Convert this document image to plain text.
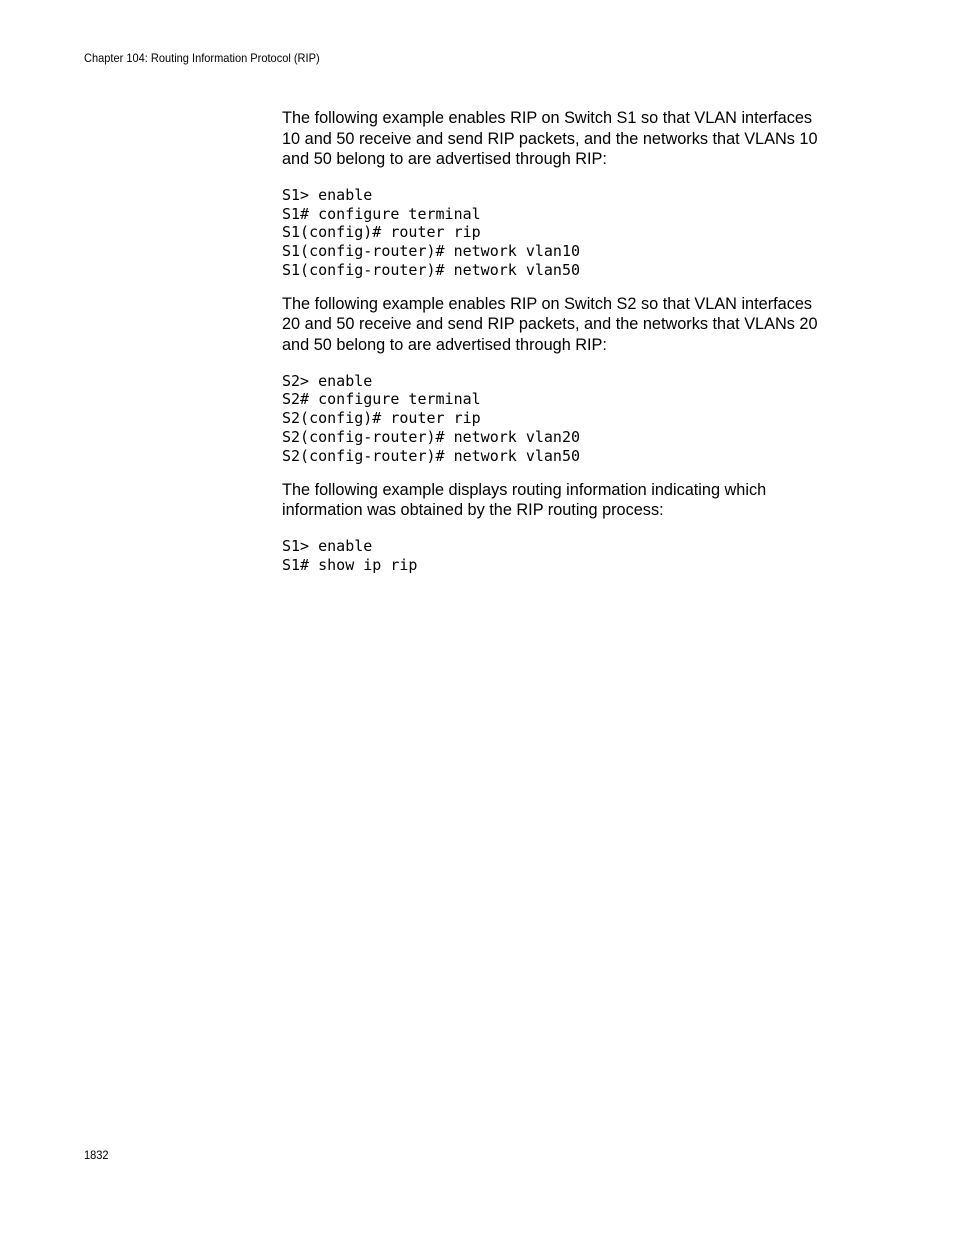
Chapter 104: Routing Information Protocol (RIP)

The following example enables RIP on Switch S1 so that VLAN interfaces
10 and 50 receive and send RIP packets, and the networks that VLANs 10
and 50 belong to are advertised through RIP:

S1> enable
S1# configure terminal
S1(config)# router rip
S1(config-router)# network vlan10
S1(config-router)# network vlan50

The following example enables RIP on Switch S2 so that VLAN interfaces
20 and 50 receive and send RIP packets, and the networks that VLANs 20
and 50 belong to are advertised through RIP:

S2> enable
S2# configure terminal
S2(config)# router rip
S2(config-router)# network vlan20
S2(config-router)# network vlan50

The following example displays routing information indicating which
information was obtained by the RIP routing process:

S1> enable
S1# show ip rip
1832
